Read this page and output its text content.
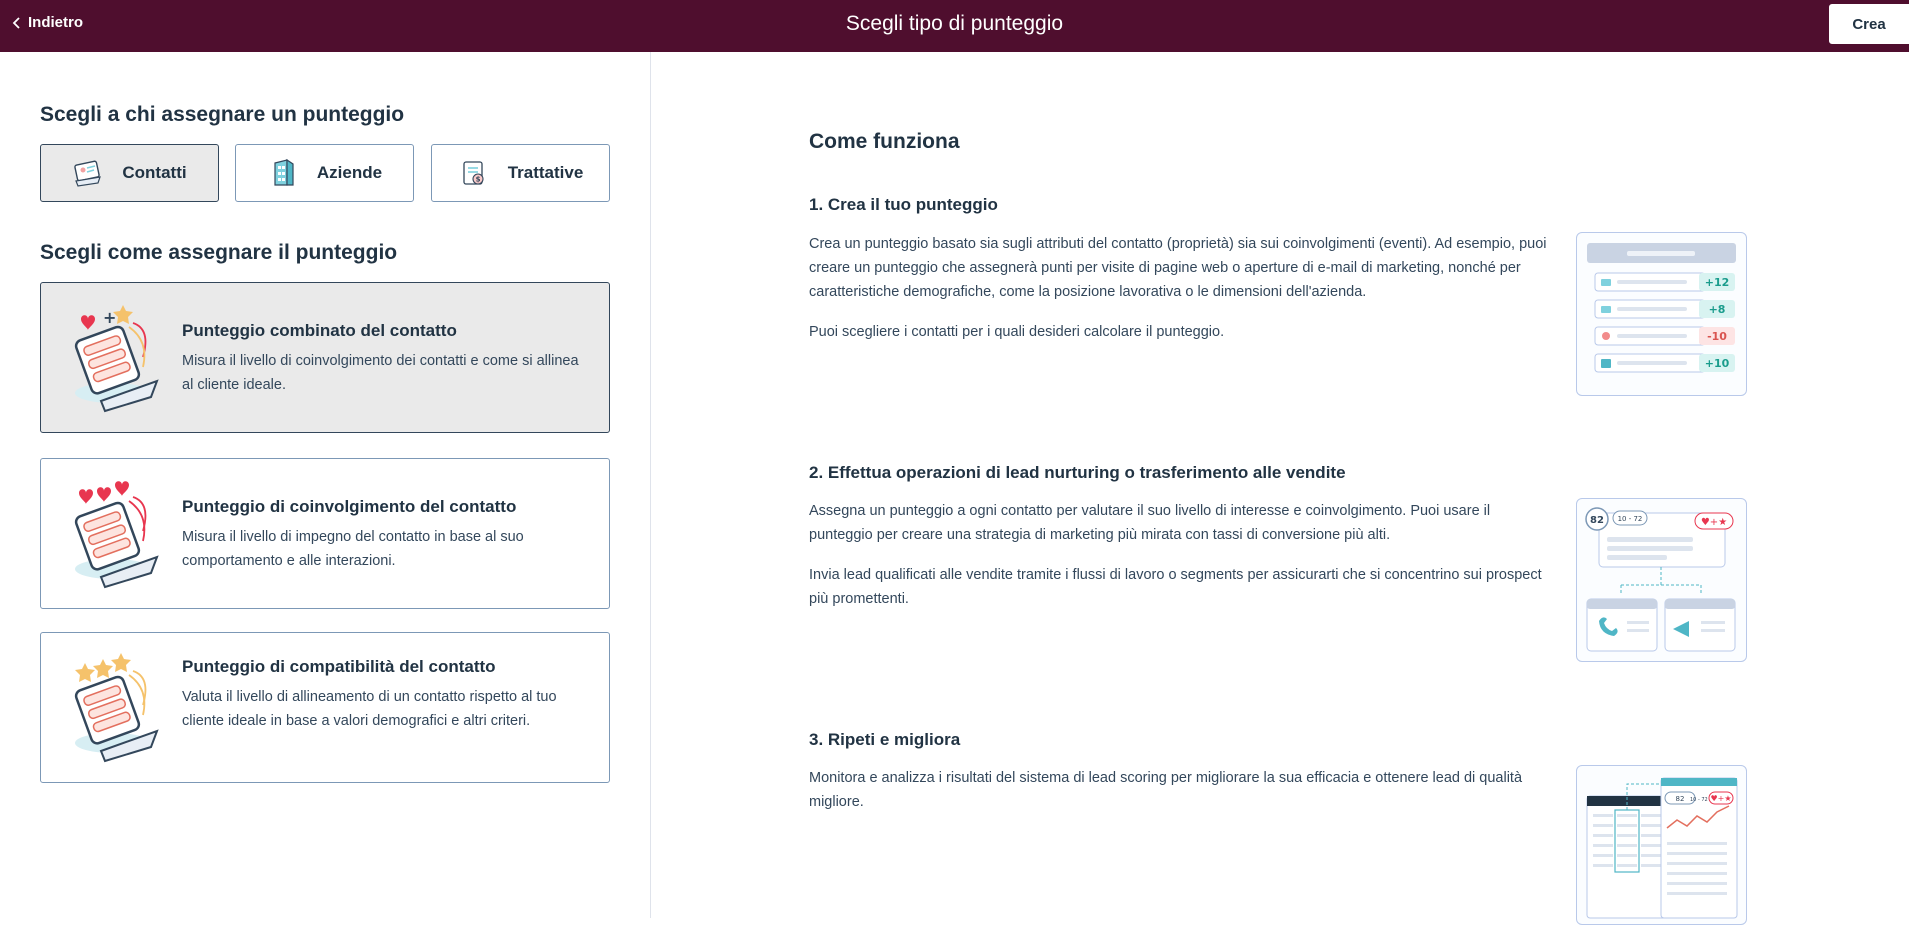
Indietro	Scegli tipo di punteggio	Crea
Scegli a chi assegnare un punteggio
Contatti	Aziende	$ Trattative
Scegli come assegnare il punteggio
+
Punteggio combinato del contatto
Misura il livello di coinvolgimento dei contatti e come si allinea al cliente ideale.
Punteggio di coinvolgimento del contatto
Misura il livello di impegno del contatto in base al suo comportamento e alle interazioni.
Punteggio di compatibilità del contatto
Valuta il livello di allineamento di un contatto rispetto al tuo cliente ideale in base a valori demografici e altri criteri.
Come funziona
1. Crea il tuo punteggio
Crea un punteggio basato sia sugli attributi del contatto (proprietà) sia sui coinvolgimenti (eventi). Ad esempio, puoi creare un punteggio che assegnerà punti per visite di pagine web o aperture di e-mail di marketing, nonché per caratteristiche demografiche, come la posizione lavorativa o le dimensioni dell'azienda.
Puoi scegliere i contatti per i quali desideri calcolare il punteggio.
+12
+8
-10
+10
2. Effettua operazioni di lead nurturing o trasferimento alle vendite
Assegna un punteggio a ogni contatto per valutare il suo livello di interesse e coinvolgimento. Puoi usare il punteggio per creare una strategia di marketing più mirata con tassi di conversione più alti.
Invia lead qualificati alle vendite tramite i flussi di lavoro o segments per assicurarti che si concentrino sui prospect più promettenti.
82 10 - 72	♥+★
3. Ripeti e migliora
Monitora e analizza i risultati del sistema di lead scoring per migliorare la sua efficacia e ottenere lead di qualità migliore.	82 10 - 72 ♥+★
